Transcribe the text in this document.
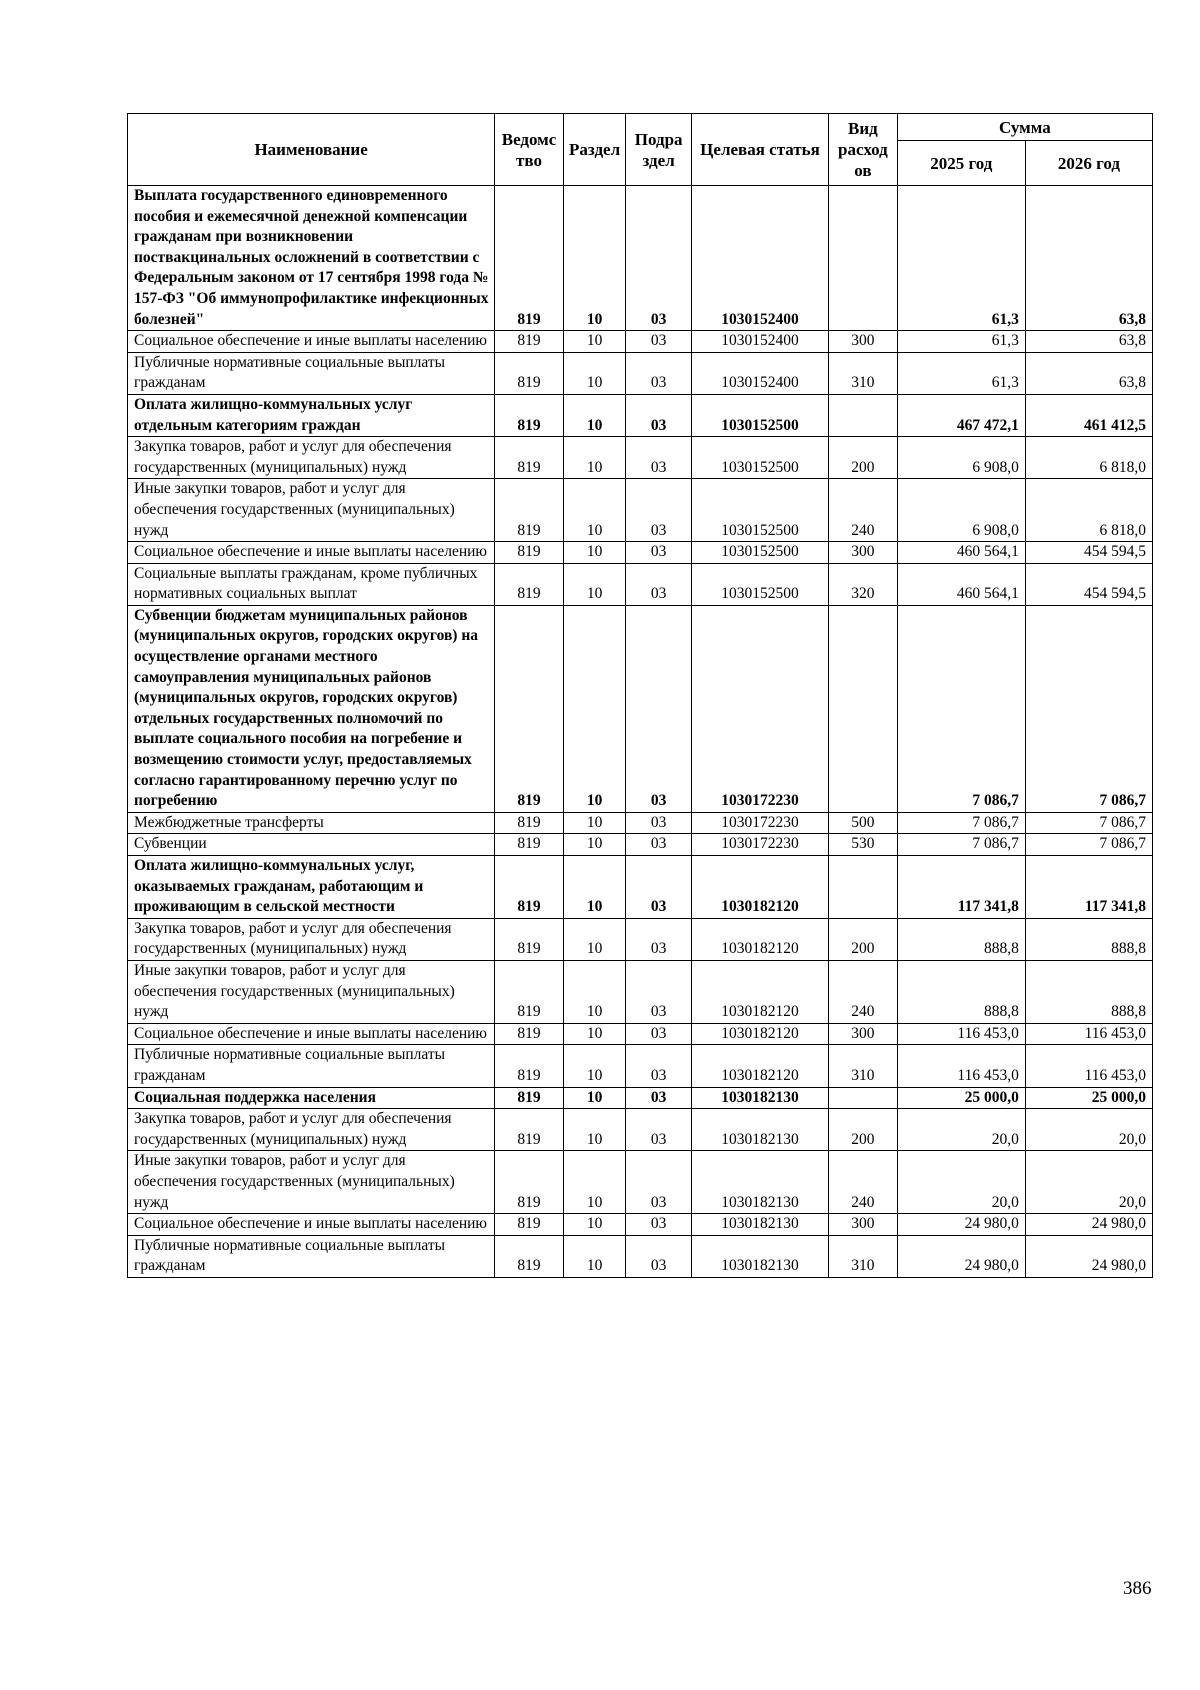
Наименование	Ведомс тво	Раздел	Подра здел	Целевая статья	Вид расход ов	Сумма	
						2025 год	2026 год
Выплата государственного единовременного пособия и ежемесячной денежной компенсации гражданам при возникновении поствакцинальных осложнений в соответствии с Федеральным законом от 17 сентября 1998 года № 157-ФЗ "Об иммунопрофилактике инфекционных болезней"	819	10	03	1030152400		61,3	63,8
Социальное обеспечение и иные выплаты населению	819	10	03	1030152400	300	61,3	63,8
Публичные нормативные социальные выплаты гражданам	819	10	03	1030152400	310	61,3	63,8
Оплата жилищно-коммунальных услуг отдельным категориям граждан	819	10	03	1030152500		467 472,1	461 412,5
Закупка товаров, работ и услуг для обеспечения государственных (муниципальных) нужд	819	10	03	1030152500	200	6 908,0	6 818,0
Иные закупки товаров, работ и услуг для обеспечения государственных (муниципальных) нужд	819	10	03	1030152500	240	6 908,0	6 818,0
Социальное обеспечение и иные выплаты населению	819	10	03	1030152500	300	460 564,1	454 594,5
Социальные выплаты гражданам, кроме публичных нормативных социальных выплат	819	10	03	1030152500	320	460 564,1	454 594,5
Субвенции бюджетам муниципальных районов (муниципальных округов, городских округов) на осуществление органами местного самоуправления муниципальных районов (муниципальных округов, городских округов) отдельных государственных полномочий по выплате социального пособия на погребение и возмещению стоимости услуг, предоставляемых согласно гарантированному перечню услуг по погребению	819	10	03	1030172230		7 086,7	7 086,7
Межбюджетные трансферты	819	10	03	1030172230	500	7 086,7	7 086,7
Субвенции	819	10	03	1030172230	530	7 086,7	7 086,7
Оплата жилищно-коммунальных услуг, оказываемых гражданам, работающим и проживающим в сельской местности	819	10	03	1030182120		117 341,8	117 341,8
Закупка товаров, работ и услуг для обеспечения государственных (муниципальных) нужд	819	10	03	1030182120	200	888,8	888,8
Иные закупки товаров, работ и услуг для обеспечения государственных (муниципальных) нужд	819	10	03	1030182120	240	888,8	888,8
Социальное обеспечение и иные выплаты населению	819	10	03	1030182120	300	116 453,0	116 453,0
Публичные нормативные социальные выплаты гражданам	819	10	03	1030182120	310	116 453,0	116 453,0
Социальная поддержка населения	819	10	03	1030182130		25 000,0	25 000,0
Закупка товаров, работ и услуг для обеспечения государственных (муниципальных) нужд	819	10	03	1030182130	200	20,0	20,0
Иные закупки товаров, работ и услуг для обеспечения государственных (муниципальных) нужд	819	10	03	1030182130	240	20,0	20,0
Социальное обеспечение и иные выплаты населению	819	10	03	1030182130	300	24 980,0	24 980,0
Публичные нормативные социальные выплаты гражданам	819	10	03	1030182130	310	24 980,0	24 980,0
386
